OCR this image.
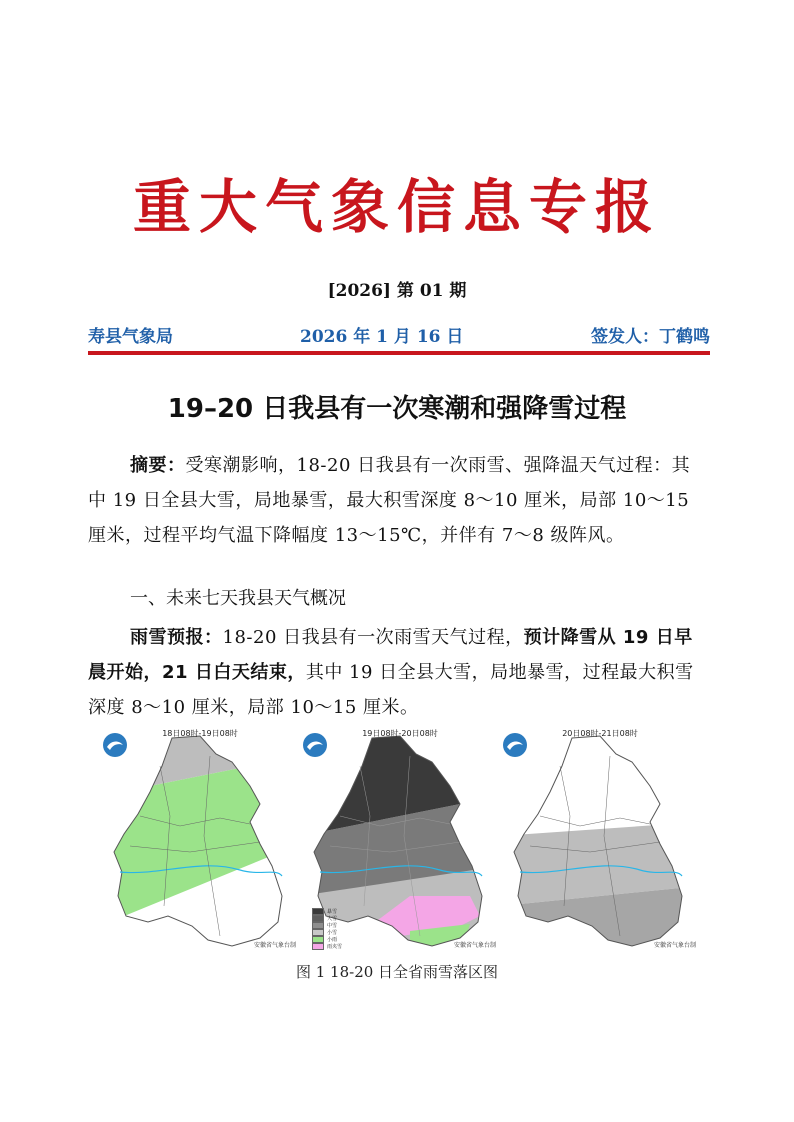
重大气象信息专报
[2026] 第 01 期
寿县气象局	2026 年 1 月 16 日	签发人：丁鹤鸣
19–20 日我县有一次寒潮和强降雪过程
摘要：受寒潮影响，18-20 日我县有一次雨雪、强降温天气过程：其中 19 日全县大雪，局地暴雪，最大积雪深度 8～10 厘米，局部 10～15 厘米，过程平均气温下降幅度 13～15℃，并伴有 7～8 级阵风。
一、未来七天我县天气概况
雨雪预报：18-20 日我县有一次雨雪天气过程，预计降雪从 19 日早晨开始，21 日白天结束，其中 19 日全县大雪，局地暴雪，过程最大积雪深度 8～10 厘米，局部 10～15 厘米。
18日08时-19日08时
安徽省气象台制
19日08时-20日08时
安徽省气象台制
20日08时-21日08时
安徽省气象台制
暴雪
大雪
中雪
小雪
小雨
雨夹雪
图 1 18-20 日全省雨雪落区图
